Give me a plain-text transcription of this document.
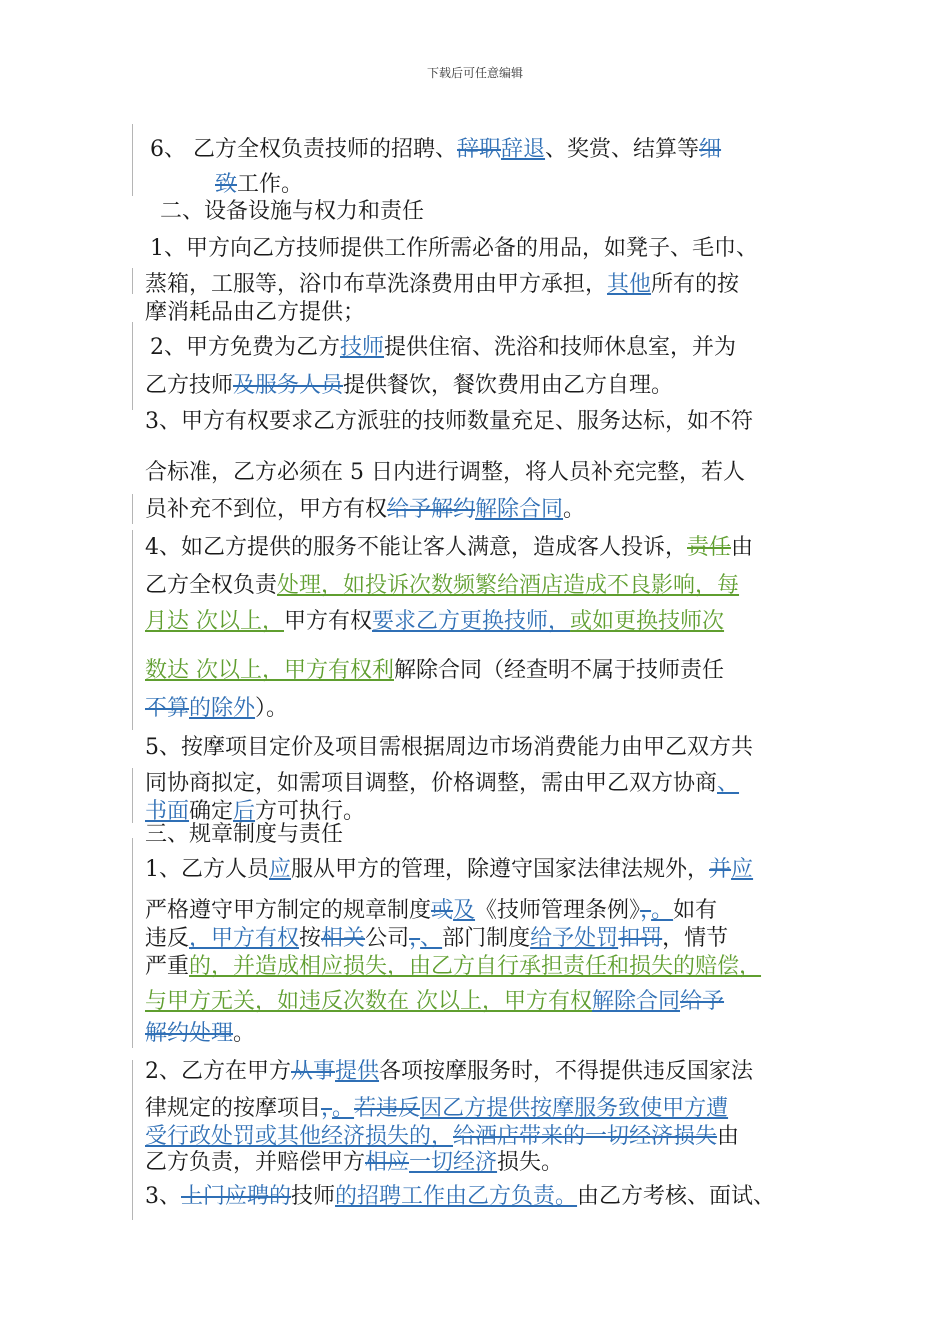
下载后可任意编辑
6、 乙方全权负责技师的招聘、辞职辞退、奖赏、结算等细
致工作。
二、设备设施与权力和责任
1、甲方向乙方技师提供工作所需必备的用品，如凳子、毛巾、
蒸箱，工服等，浴巾布草洗涤费用由甲方承担，其他所有的按
摩消耗品由乙方提供；
2、甲方免费为乙方技师提供住宿、洗浴和技师休息室，并为
乙方技师及服务人员提供餐饮，餐饮费用由乙方自理。
3、甲方有权要求乙方派驻的技师数量充足、服务达标，如不符
合标准，乙方必须在 5 日内进行调整，将人员补充完整，若人
员补充不到位，甲方有权给予解约解除合同。
4、如乙方提供的服务不能让客人满意，造成客人投诉，责任由
乙方全权负责处理，如投诉次数频繁给酒店造成不良影响，每
月达 次以上，甲方有权要求乙方更换技师，或如更换技师次
数达 次以上，甲方有权利解除合同（经查明不属于技师责任
不算的除外）。
5、按摩项目定价及项目需根据周边市场消费能力由甲乙双方共
同协商拟定，如需项目调整，价格调整，需由甲乙双方协商、
书面确定后方可执行。
三、规章制度与责任
1、乙方人员应服从甲方的管理，除遵守国家法律法规外，并应
严格遵守甲方制定的规章制度或及《技师管理条例》，。如有
违反，甲方有权按相关公司，、部门制度给予处罚扣罚，情节
严重的，并造成相应损失，由乙方自行承担责任和损失的赔偿，
与甲方无关，如违反次数在 次以上，甲方有权解除合同给予
解约处理。
2、乙方在甲方从事提供各项按摩服务时，不得提供违反国家法
律规定的按摩项目，。若违反因乙方提供按摩服务致使甲方遭
受行政处罚或其他经济损失的，给酒店带来的一切经济损失由
乙方负责，并赔偿甲方相应一切经济损失。
3、上门应聘的技师的招聘工作由乙方负责。由乙方考核、面试、
